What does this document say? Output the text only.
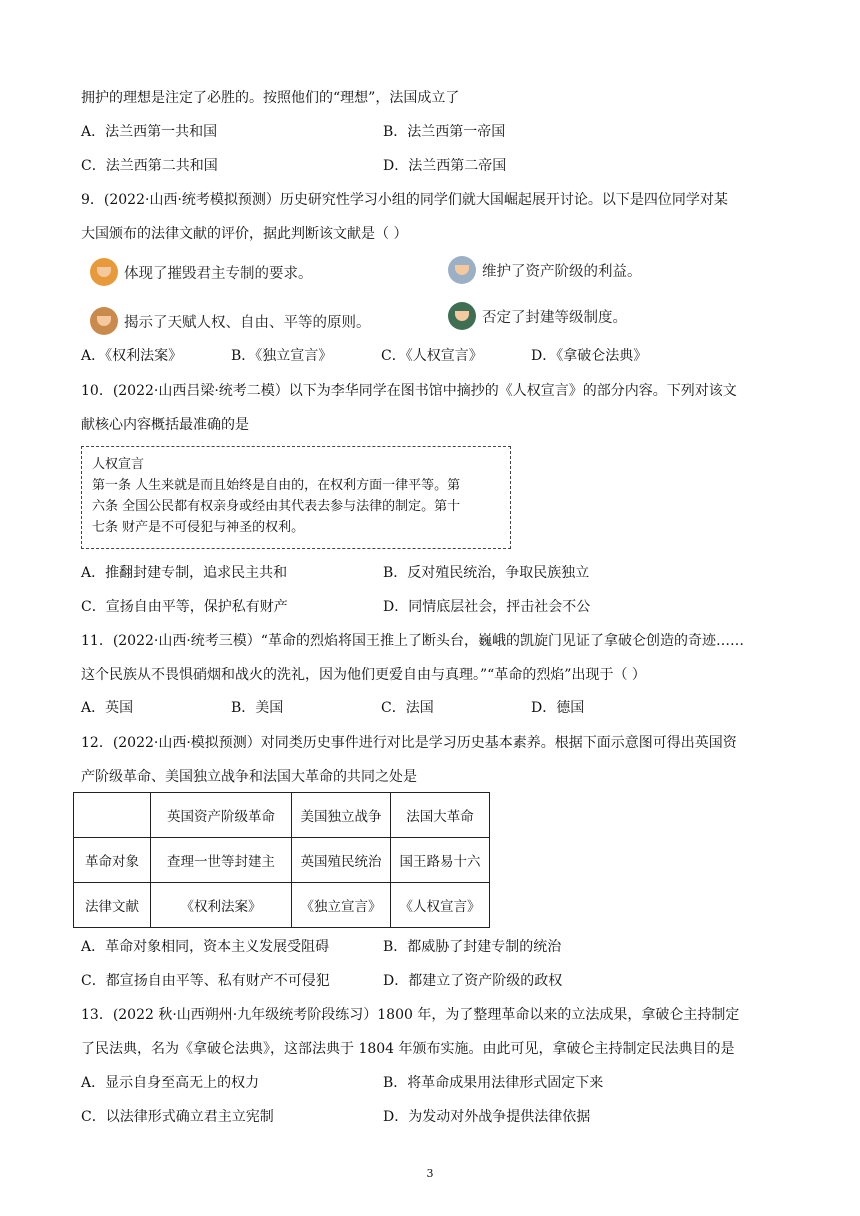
拥护的理想是注定了必胜的。按照他们的“理想”，法国成立了
A．法兰西第一共和国	B．法兰西第一帝国
C．法兰西第二共和国	D．法兰西第二帝国
9．(2022·山西·统考模拟预测）历史研究性学习小组的同学们就大国崛起展开讨论。以下是四位同学对某
大国颁布的法律文献的评价，据此判断该文献是（ ）
体现了摧毁君主专制的要求。	维护了资产阶级的利益。
揭示了天赋人权、自由、平等的原则。	否定了封建等级制度。
A．《权利法案》	B．《独立宣言》	C．《人权宣言》	D．《拿破仑法典》
10．(2022·山西吕梁·统考二模）以下为李华同学在图书馆中摘抄的《人权宣言》的部分内容。下列对该文
献核心内容概括最准确的是
人权宣言
第一条 人生来就是而且始终是自由的，在权利方面一律平等。第
六条 全国公民都有权亲身或经由其代表去参与法律的制定。第十
七条 财产是不可侵犯与神圣的权利。
A．推翻封建专制，追求民主共和	B．反对殖民统治，争取民族独立
C．宣扬自由平等，保护私有财产	D．同情底层社会，抨击社会不公
11．(2022·山西·统考三模）“革命的烈焰将国王推上了断头台，巍峨的凯旋门见证了拿破仑创造的奇迹……
这个民族从不畏惧硝烟和战火的洗礼，因为他们更爱自由与真理。”“革命的烈焰”出现于（ ）
A．英国	B．美国	C．法国	D．德国
12．(2022·山西·模拟预测）对同类历史事件进行对比是学习历史基本素养。根据下面示意图可得出英国资
产阶级革命、美国独立战争和法国大革命的共同之处是
	英国资产阶级革命	美国独立战争	法国大革命
革命对象	查理一世等封建主	英国殖民统治	国王路易十六
法律文献	《权利法案》	《独立宣言》	《人权宣言》
A．革命对象相同，资本主义发展受阻碍	B．都威胁了封建专制的统治
C．都宣扬自由平等、私有财产不可侵犯	D．都建立了资产阶级的政权
13．(2022 秋·山西朔州·九年级统考阶段练习）1800 年，为了整理革命以来的立法成果，拿破仑主持制定
了民法典，名为《拿破仑法典》，这部法典于 1804 年颁布实施。由此可见，拿破仑主持制定民法典目的是
A．显示自身至高无上的权力	B．将革命成果用法律形式固定下来
C．以法律形式确立君主立宪制	D．为发动对外战争提供法律依据
3
